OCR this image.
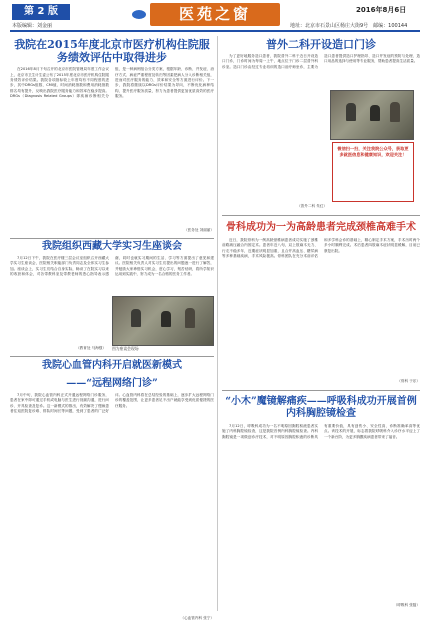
第 2 版
本版编辑：刘金丽
医苑之窗	2016年8月6日
地址：北京市石景山区杨庄大街9号　邮编：100144
我院在2015年度北京市医疗机构住院服务绩效评估中取得进步
在2016年8月下旬召开的北京市医院管理局年度工作会议上，北京市卫生计生委公布了2015年度北京市医疗机构住院服务绩效评价结果。我院各项指标较上年度均有不同程度的进步，其中DRGs组数、CMI值、时间消耗指数和费用消耗指数排名均有提升，反映出我院医疗服务能力和效率在稳步提高。DRGs（Diagnosis Related Groups）即疾病诊断相关分组，是一种病例组合分类方案，根据年龄、诊断、并发症、治疗方式、病症严重程度及转归等因素把病人分入诊断相关组，进而对医疗服务的能力、效率和安全等方面进行评价。下一步，我院将继续以DRGs评价结果为导向，不断优化病种结构，提升医疗服务质量，努力为患者提供更加优质高效的医疗服务。
（医务处 刘丽丽）
我院组织西藏大学实习生座谈会
7月12日下午，我院在医疗楼三层会议室组织召开西藏大学实习生座谈会，医院相关职能部门负责同志及全体实习生参加。座谈会上，实习生们结合自身实际，畅谈了在院实习以来的收获和体会，对各带教科室及带教老师的悉心指导表示感谢，同时也就实习期间的生活、学习等方面提出了意见和建议。医院相关负责人对实习生们提出的问题逐一进行了解答，并勉励大家珍惜实习机会，虚心学习，刻苦钻研，将所学知识运用到实践中，努力成为一名合格的医务工作者。
图为座谈会现场
（教育处 马海强）
我院心血管内科开启就医新模式
——“远程网络门诊”
7月中旬，我院心血管内科正式开通远程网络门诊服务，患者在家中即可通过手机或电脑与医生进行视频沟通，进行问诊、开具检查及复诊。这一新模式的推出，有效解决了慢病患者往返医院复诊难、排队时间长等问题，受到了患者的广泛好评。心血管内科将在总结经验的基础上，逐步扩大远程网络门诊的覆盖范围，让更多患者足不出户就能享受到优质便捷的医疗服务。
（心血管内科 张宁）
普外二科开设造口门诊
为了更好地服务造口患者，我院普外二科于近日开设造口门诊，门诊时间为每周一上午，地点位于门诊二层普外科诊室。造口门诊由经过专业培训的造口治疗师坐诊，主要为造口患者提供造口护理指导、造口并发症的预防与处理、造口用品的选择与使用等专业服务，帮助患者提高生活质量。
微信扫一扫，关注我院公众号，获取更多就医信息和健康知识，欢迎关注！
（普外二科 朱红）
骨科成功为一为高龄患者完成颈椎高难手术
近日，我院骨科为一例高龄颈椎病患者成功实施了颈椎前路减压融合内固定术。患者年近八旬，双上肢麻木无力、行走不稳多年，近期症状明显加重，且合并高血压、糖尿病等多种基础疾病，手术风险极高。骨科团队在充分术前评估和多学科会诊的基础上，精心制定手术方案，手术历时两个多小时顺利完成。术后患者四肢麻木症状明显缓解，目前已康复出院。
（骨科 于乐）
“小木”魔镜解痛疾——呼吸科成功开展首例内科胸腔镜检查
7月12日，呼吸科成功为一名不明原因胸腔积液患者实施了内科胸腔镜检查，这是我院首例内科胸腔镜检查。内科胸腔镜是一项微创诊疗技术，对不明原因胸腔积液的诊断具有重要价值，具有创伤小、安全性高、诊断准确率高等优点。该技术的开展，标志着我院呼吸科介入诊疗水平迈上了一个新台阶，为更多胸膜疾病患者带来了福音。
（呼吸科 张磊）
